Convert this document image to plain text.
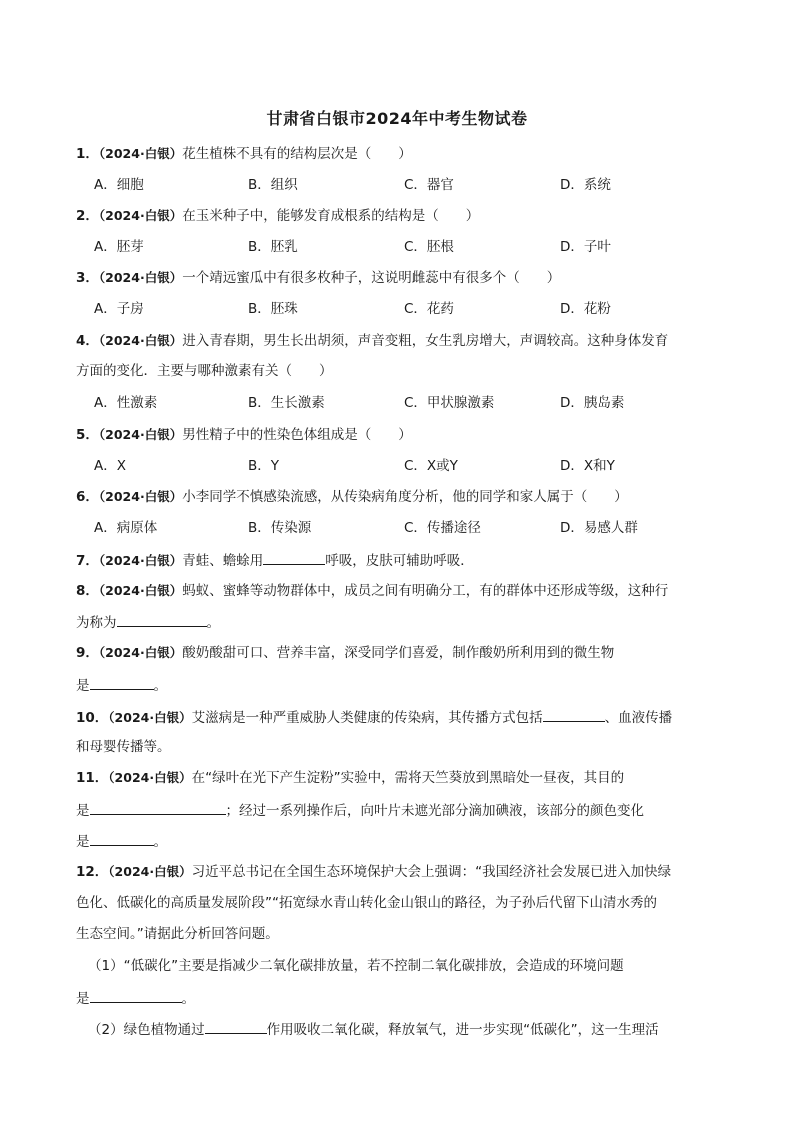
甘肃省白银市2024年中考生物试卷
1．（2024·白银）花生植株不具有的结构层次是（　　）
A．细胞	B．组织	C．器官	D．系统
2．（2024·白银）在玉米种子中，能够发育成根系的结构是（　　）
A．胚芽	B．胚乳	C．胚根	D．子叶
3．（2024·白银）一个靖远蜜瓜中有很多枚种子，这说明雌蕊中有很多个（　　）
A．子房	B．胚珠	C．花药	D．花粉
4．（2024·白银）进入青春期，男生长出胡须，声音变粗，女生乳房增大，声调较高。这种身体发育
方面的变化．主要与哪种激素有关（　　）
A．性激素	B．生长激素	C．甲状腺激素	D．胰岛素
5．（2024·白银）男性精子中的性染色体组成是（　　）
A．X	B．Y	C．X或Y	D．X和Y
6．（2024·白银）小李同学不慎感染流感，从传染病角度分析，他的同学和家人属于（　　）
A．病原体	B．传染源	C．传播途径	D．易感人群
7．（2024·白银）青蛙、蟾蜍用	呼吸，皮肤可辅助呼吸．
8．（2024·白银）蚂蚁、蜜蜂等动物群体中，成员之间有明确分工，有的群体中还形成等级，这种行
为称为	。
9．（2024·白银）酸奶酸甜可口、营养丰富，深受同学们喜爱，制作酸奶所利用到的微生物
是	。
10．（2024·白银）艾滋病是一种严重威胁人类健康的传染病，其传播方式包括	、血液传播
和母婴传播等。
11．（2024·白银）在“绿叶在光下产生淀粉”实验中，需将天竺葵放到黑暗处一昼夜，其目的
是	；经过一系列操作后，向叶片未遮光部分滴加碘液，该部分的颜色变化
是	。
12．（2024·白银）习近平总书记在全国生态环境保护大会上强调：“我国经济社会发展已进入加快绿
色化、低碳化的高质量发展阶段”“拓宽绿水青山转化金山银山的路径，为子孙后代留下山清水秀的
生态空间。”请据此分析回答问题。
（1）“低碳化”主要是指减少二氧化碳排放量，若不控制二氧化碳排放，会造成的环境问题
是	。
（2）绿色植物通过	作用吸收二氧化碳，释放氧气，进一步实现“低碳化”，这一生理活
